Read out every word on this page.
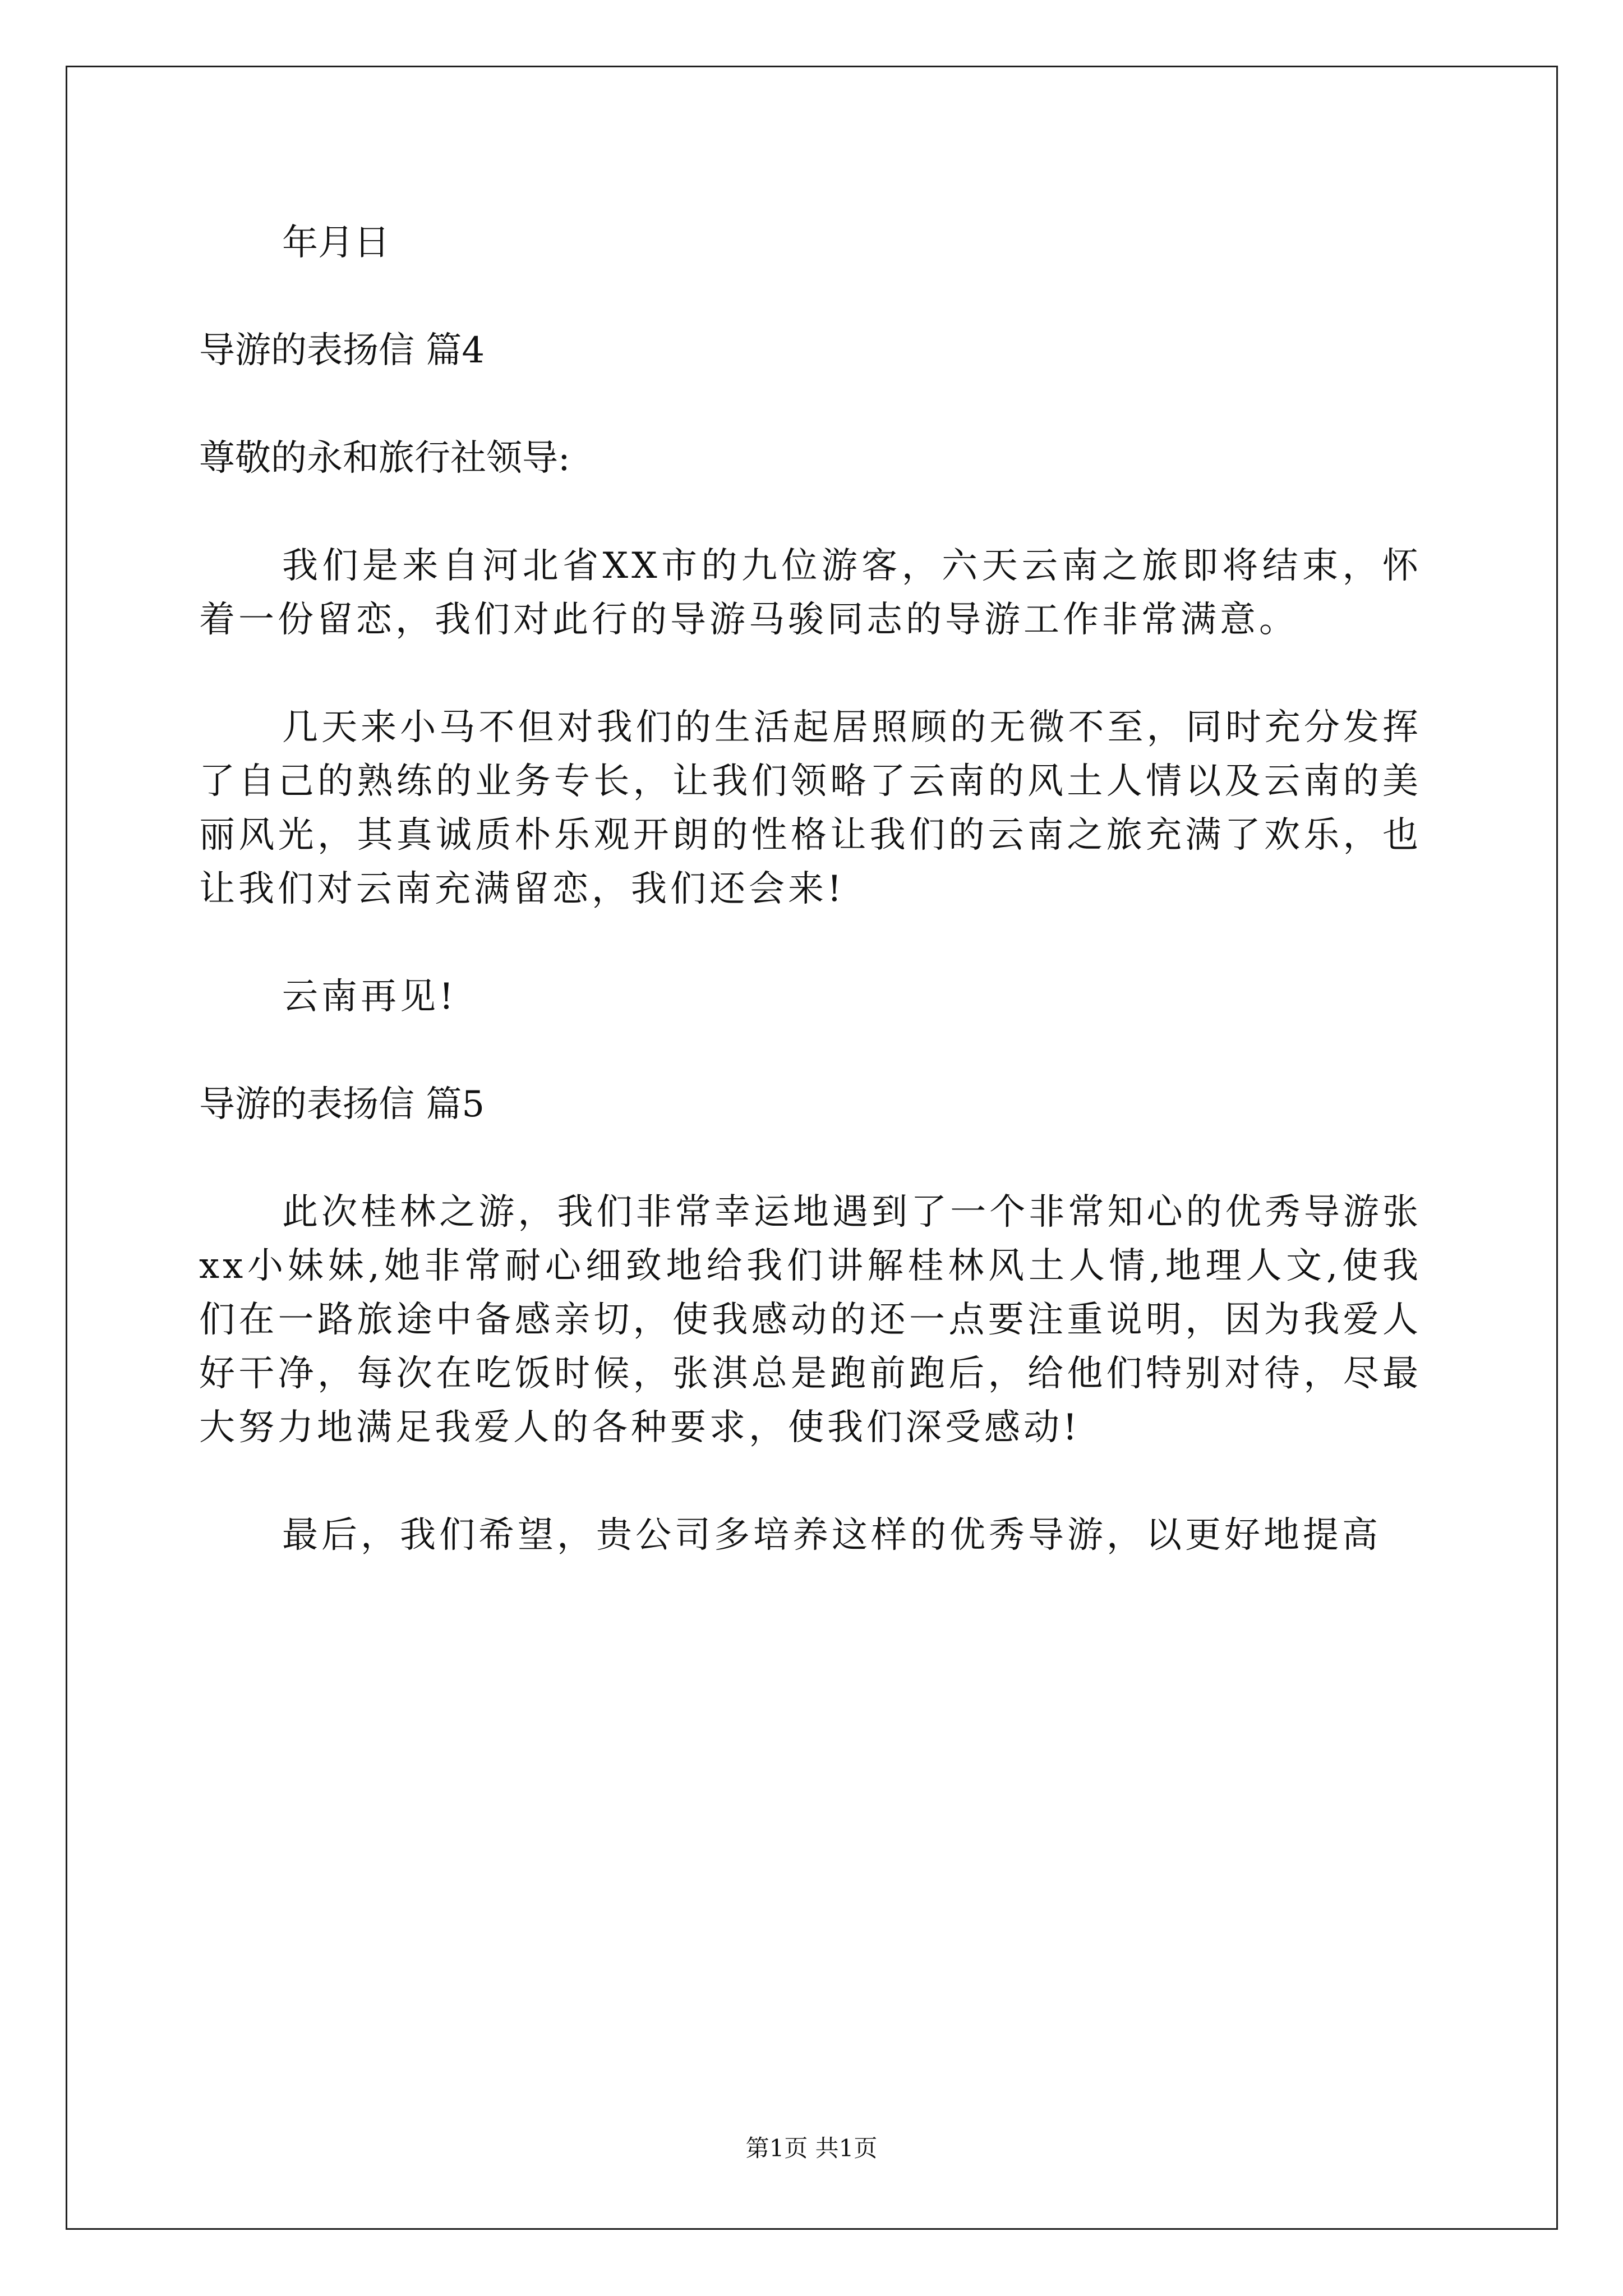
年月日
导游的表扬信 篇4
尊敬的永和旅行社领导:

我们是来自河北省XX市的九位游客，六天云南之旅即将结束，怀着一份留恋，我们对此行的导游马骏同志的导游工作非常满意。

几天来小马不但对我们的生活起居照顾的无微不至，同时充分发挥了自己的熟练的业务专长，让我们领略了云南的风土人情以及云南的美丽风光，其真诚质朴乐观开朗的性格让我们的云南之旅充满了欢乐，也让我们对云南充满留恋，我们还会来!

云南再见!

导游的表扬信 篇5

此次桂林之游，我们非常幸运地遇到了一个非常知心的优秀导游张xx小妹妹,她非常耐心细致地给我们讲解桂林风土人情,地理人文,使我们在一路旅途中备感亲切，使我感动的还一点要注重说明，因为我爱人好干净，每次在吃饭时候，张淇总是跑前跑后，给他们特别对待，尽最大努力地满足我爱人的各种要求，使我们深受感动!

最后，我们希望，贵公司多培养这样的优秀导游，以更好地提高

第1页 共1页
